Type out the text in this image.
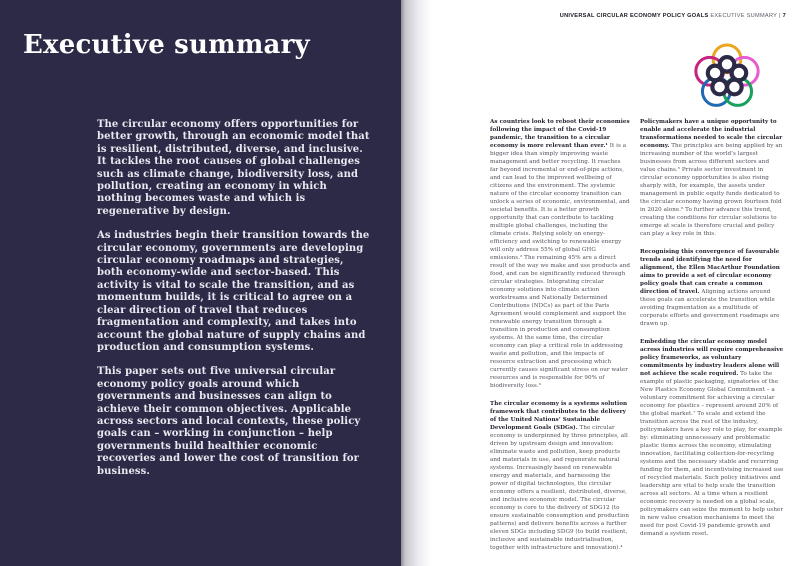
Executive summary

The circular economy offers opportunities for better growth, through an economic model that is resilient, distributed, diverse, and inclusive. It tackles the root causes of global challenges such as climate change, biodiversity loss, and pollution, creating an economy in which nothing becomes waste and which is regenerative by design.

As industries begin their transition towards the circular economy, governments are developing circular economy roadmaps and strategies, both economy-wide and sector-based. This activity is vital to scale the transition, and as momentum builds, it is critical to agree on a clear direction of travel that reduces fragmentation and complexity, and takes into account the global nature of supply chains and production and consumption systems.

This paper sets out five universal circular economy policy goals around which governments and businesses can align to achieve their common objectives. Applicable across sectors and local contexts, these policy goals can – working in conjunction – help governments build healthier economic recoveries and lower the cost of transition for business.

UNIVERSAL CIRCULAR ECONOMY POLICY GOALS EXECUTIVE SUMMARY | 7

As countries look to reboot their economies following the impact of the Covid-19 pandemic, the transition to a circular economy is more relevant than ever.¹ It is a bigger idea than simply improving waste management and better recycling. It reaches far beyond incremental or end-of-pipe actions, and can lead to the improved wellbeing of citizens and the environment. The systemic nature of the circular economy transition can unlock a series of economic, environmental, and societal benefits. It is a better growth opportunity that can contribute to tackling multiple global challenges, including the climate crisis. Relying solely on energy-efficiency and switching to renewable energy will only address 55% of global GHG emissions.² The remaining 45% are a direct result of the way we make and use products and food, and can be significantly reduced through circular strategies. Integrating circular economy solutions into climate action workstreams and Nationally Determined Contributions (NDCs) as part of the Paris Agreement would complement and support the renewable energy transition through a transition in production and consumption systems. At the same time, the circular economy can play a critical role in addressing waste and pollution, and the impacts of resource extraction and processing which currently causes significant stress on our water resources and is responsible for 90% of biodiversity loss.³

The circular economy is a systems solution framework that contributes to the delivery of the United Nations’ Sustainable Development Goals (SDGs). The circular economy is underpinned by three principles, all driven by upstream design and innovation: eliminate waste and pollution, keep products and materials in use, and regenerate natural systems. Increasingly based on renewable energy and materials, and harnessing the power of digital technologies, the circular economy offers a resilient, distributed, diverse, and inclusive economic model. The circular economy is core to the delivery of SDG12 (to ensure sustainable consumption and production patterns) and delivers benefits across a further eleven SDGs including SDG9 (to build resilient, inclusive and sustainable industrialisation, together with infrastructure and innovation).⁴

Policymakers have a unique opportunity to enable and accelerate the industrial transformations needed to scale the circular economy. The principles are being applied by an increasing number of the world’s largest businesses from across different sectors and value chains.⁵ Private sector investment in circular economy opportunities is also rising sharply with, for example, the assets under management in public equity funds dedicated to the circular economy having grown fourteen fold in 2020 alone.⁶ To further advance this trend, creating the conditions for circular solutions to emerge at scale is therefore crucial and policy can play a key role in this.

Recognising this convergence of favourable trends and identifying the need for alignment, the Ellen MacArthur Foundation aims to provide a set of circular economy policy goals that can create a common direction of travel. Aligning actions around these goals can accelerate the transition while avoiding fragmentation as a multitude of corporate efforts and government roadmaps are drawn up.

Embedding the circular economy model across industries will require comprehensive policy frameworks, as voluntary commitments by industry leaders alone will not achieve the scale required. To take the example of plastic packaging, signatories of the New Plastics Economy Global Commitment – a voluntary commitment for achieving a circular economy for plastics – represent around 20% of the global market.⁷ To scale and extend the transition across the rest of the industry, policymakers have a key role to play, for example by: eliminating unnecessary and problematic plastic items across the economy, stimulating innovation, facilitating collection-for-recycling systems and the necessary stable and recurring funding for them, and incentivising increased use of recycled materials. Such policy initiatives and leadership are vital to help scale the transition across all sectors. At a time when a resilient economic recovery is needed on a global scale, policymakers can seize the moment to help usher in new value creation mechanisms to meet the need for post Covid-19 pandemic growth and demand a system reset.
